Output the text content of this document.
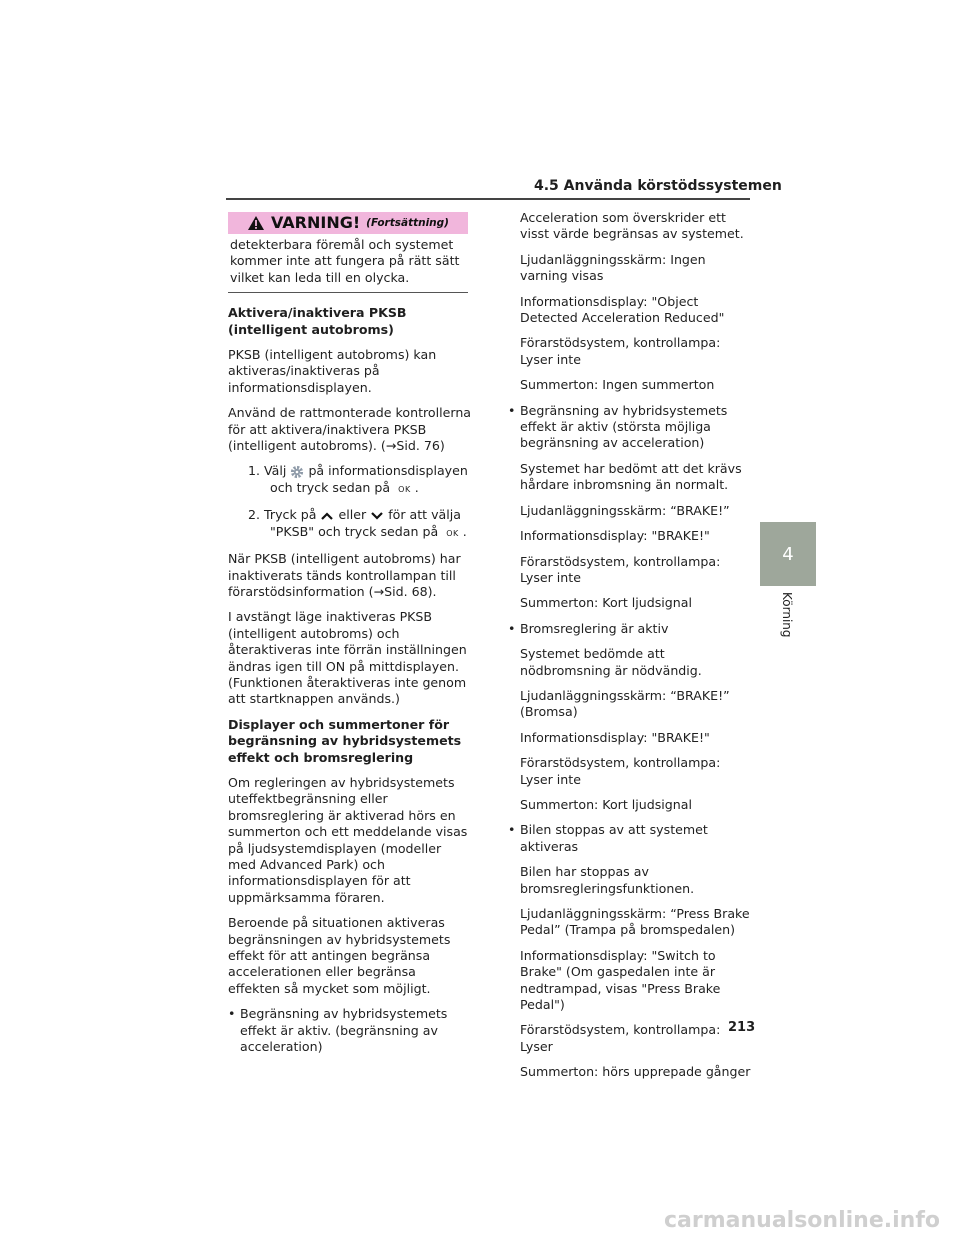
4.5 Använda körstödssystemen
VARNING! (Fortsättning)
detekterbara föremål och systemet kommer inte att fungera på rätt sätt vilket kan leda till en olycka.

Aktivera/inaktivera PKSB (intelligent autobroms)

PKSB (intelligent autobroms) kan aktiveras/inaktiveras på informationsdisplayen.

Använd de rattmonterade kontrollerna för att aktivera/inaktivera PKSB (intelligent autobroms). (→Sid. 76)

1. Välj på informationsdisplayen och tryck sedan på OK .

2. Tryck på eller för att välja "PKSB" och tryck sedan på OK .

När PKSB (intelligent autobroms) har inaktiverats tänds kontrollampan till förarstödsinformation (→Sid. 68).

I avstängt läge inaktiveras PKSB (intelligent autobroms) och återaktiveras inte förrän inställningen ändras igen till ON på mittdisplayen. (Funktionen återaktiveras inte genom att startknappen används.)

Displayer och summertoner för begränsning av hybridsystemets effekt och bromsreglering

Om regleringen av hybridsystemets uteffektbegränsning eller bromsreglering är aktiverad hörs en summerton och ett meddelande visas på ljudsystemdisplayen (modeller med Advanced Park) och informationsdisplayen för att uppmärksamma föraren.

Beroende på situationen aktiveras begränsningen av hybridsystemets effekt för att antingen begränsa accelerationen eller begränsa effekten så mycket som möjligt.

• Begränsning av hybridsystemets effekt är aktiv. (begränsning av acceleration)

Acceleration som överskrider ett visst värde begränsas av systemet.

Ljudanläggningsskärm: Ingen varning visas

Informationsdisplay: "Object Detected Acceleration Reduced"

Förarstödsystem, kontrollampa: Lyser inte

Summerton: Ingen summerton

• Begränsning av hybridsystemets effekt är aktiv (största möjliga begränsning av acceleration)

Systemet har bedömt att det krävs hårdare inbromsning än normalt.

Ljudanläggningsskärm: “BRAKE!”

Informationsdisplay: "BRAKE!"

Förarstödsystem, kontrollampa: Lyser inte

Summerton: Kort ljudsignal

• Bromsreglering är aktiv

Systemet bedömde att nödbromsning är nödvändig.

Ljudanläggningsskärm: “BRAKE!” (Bromsa)

Informationsdisplay: "BRAKE!"

Förarstödsystem, kontrollampa: Lyser inte

Summerton: Kort ljudsignal

• Bilen stoppas av att systemet aktiveras

Bilen har stoppas av bromsregleringsfunktionen.

Ljudanläggningsskärm: “Press Brake Pedal” (Trampa på bromspedalen)

Informationsdisplay: "Switch to Brake" (Om gaspedalen inte är nedtrampad, visas "Press Brake Pedal")

Förarstödsystem, kontrollampa: Lyser

Summerton: hörs upprepade gånger

4
Körning
213
carmanualsonline.info
